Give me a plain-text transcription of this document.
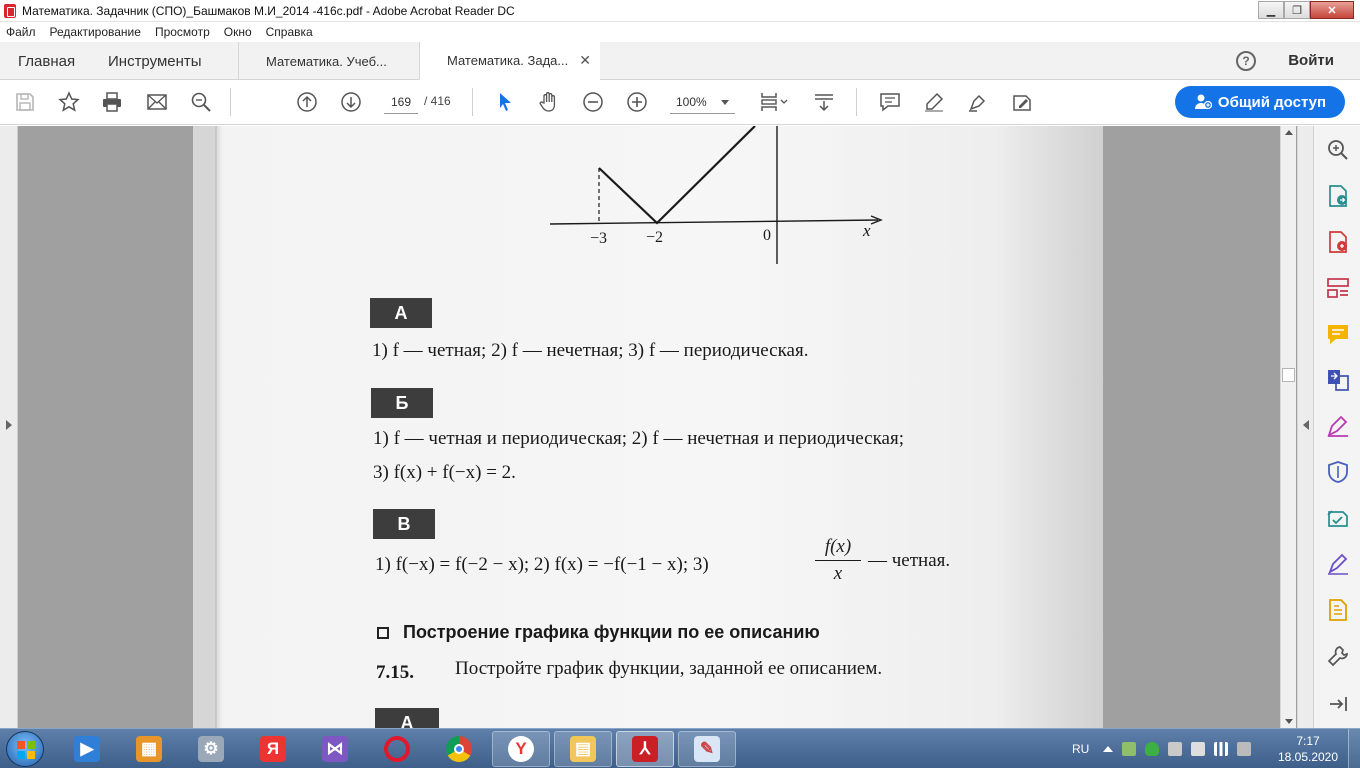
Математика. Задачник (СПО)_Башмаков М.И_2014 -416c.pdf - Adobe Acrobat Reader DC	▁	❐	✕
Файл Редактирование Просмотр Окно Справка
Главная Инструменты	Математика. Учеб...	Математика. Зада... ✕	?	Войти
169	/ 416	100%	Общий доступ
x
−3 −2	0
А
1) f — четная; 2) f — нечетная; 3) f — периодическая.
Б
1) f — четная и периодическая; 2) f — нечетная и периодическая;
3) f(x) + f(−x) = 2.
В
1) f(−x) = f(−2 − x); 2) f(x) = −f(−1 − x); 3)
f(x)
x
— четная.
Построение графика функции по ее описанию
7.15. Постройте график функции, заданной ее описанием.
А
▶	▦	⚙	Я	⋈	Y	▤	⅄	✎	RU
7:17
18.05.2020
